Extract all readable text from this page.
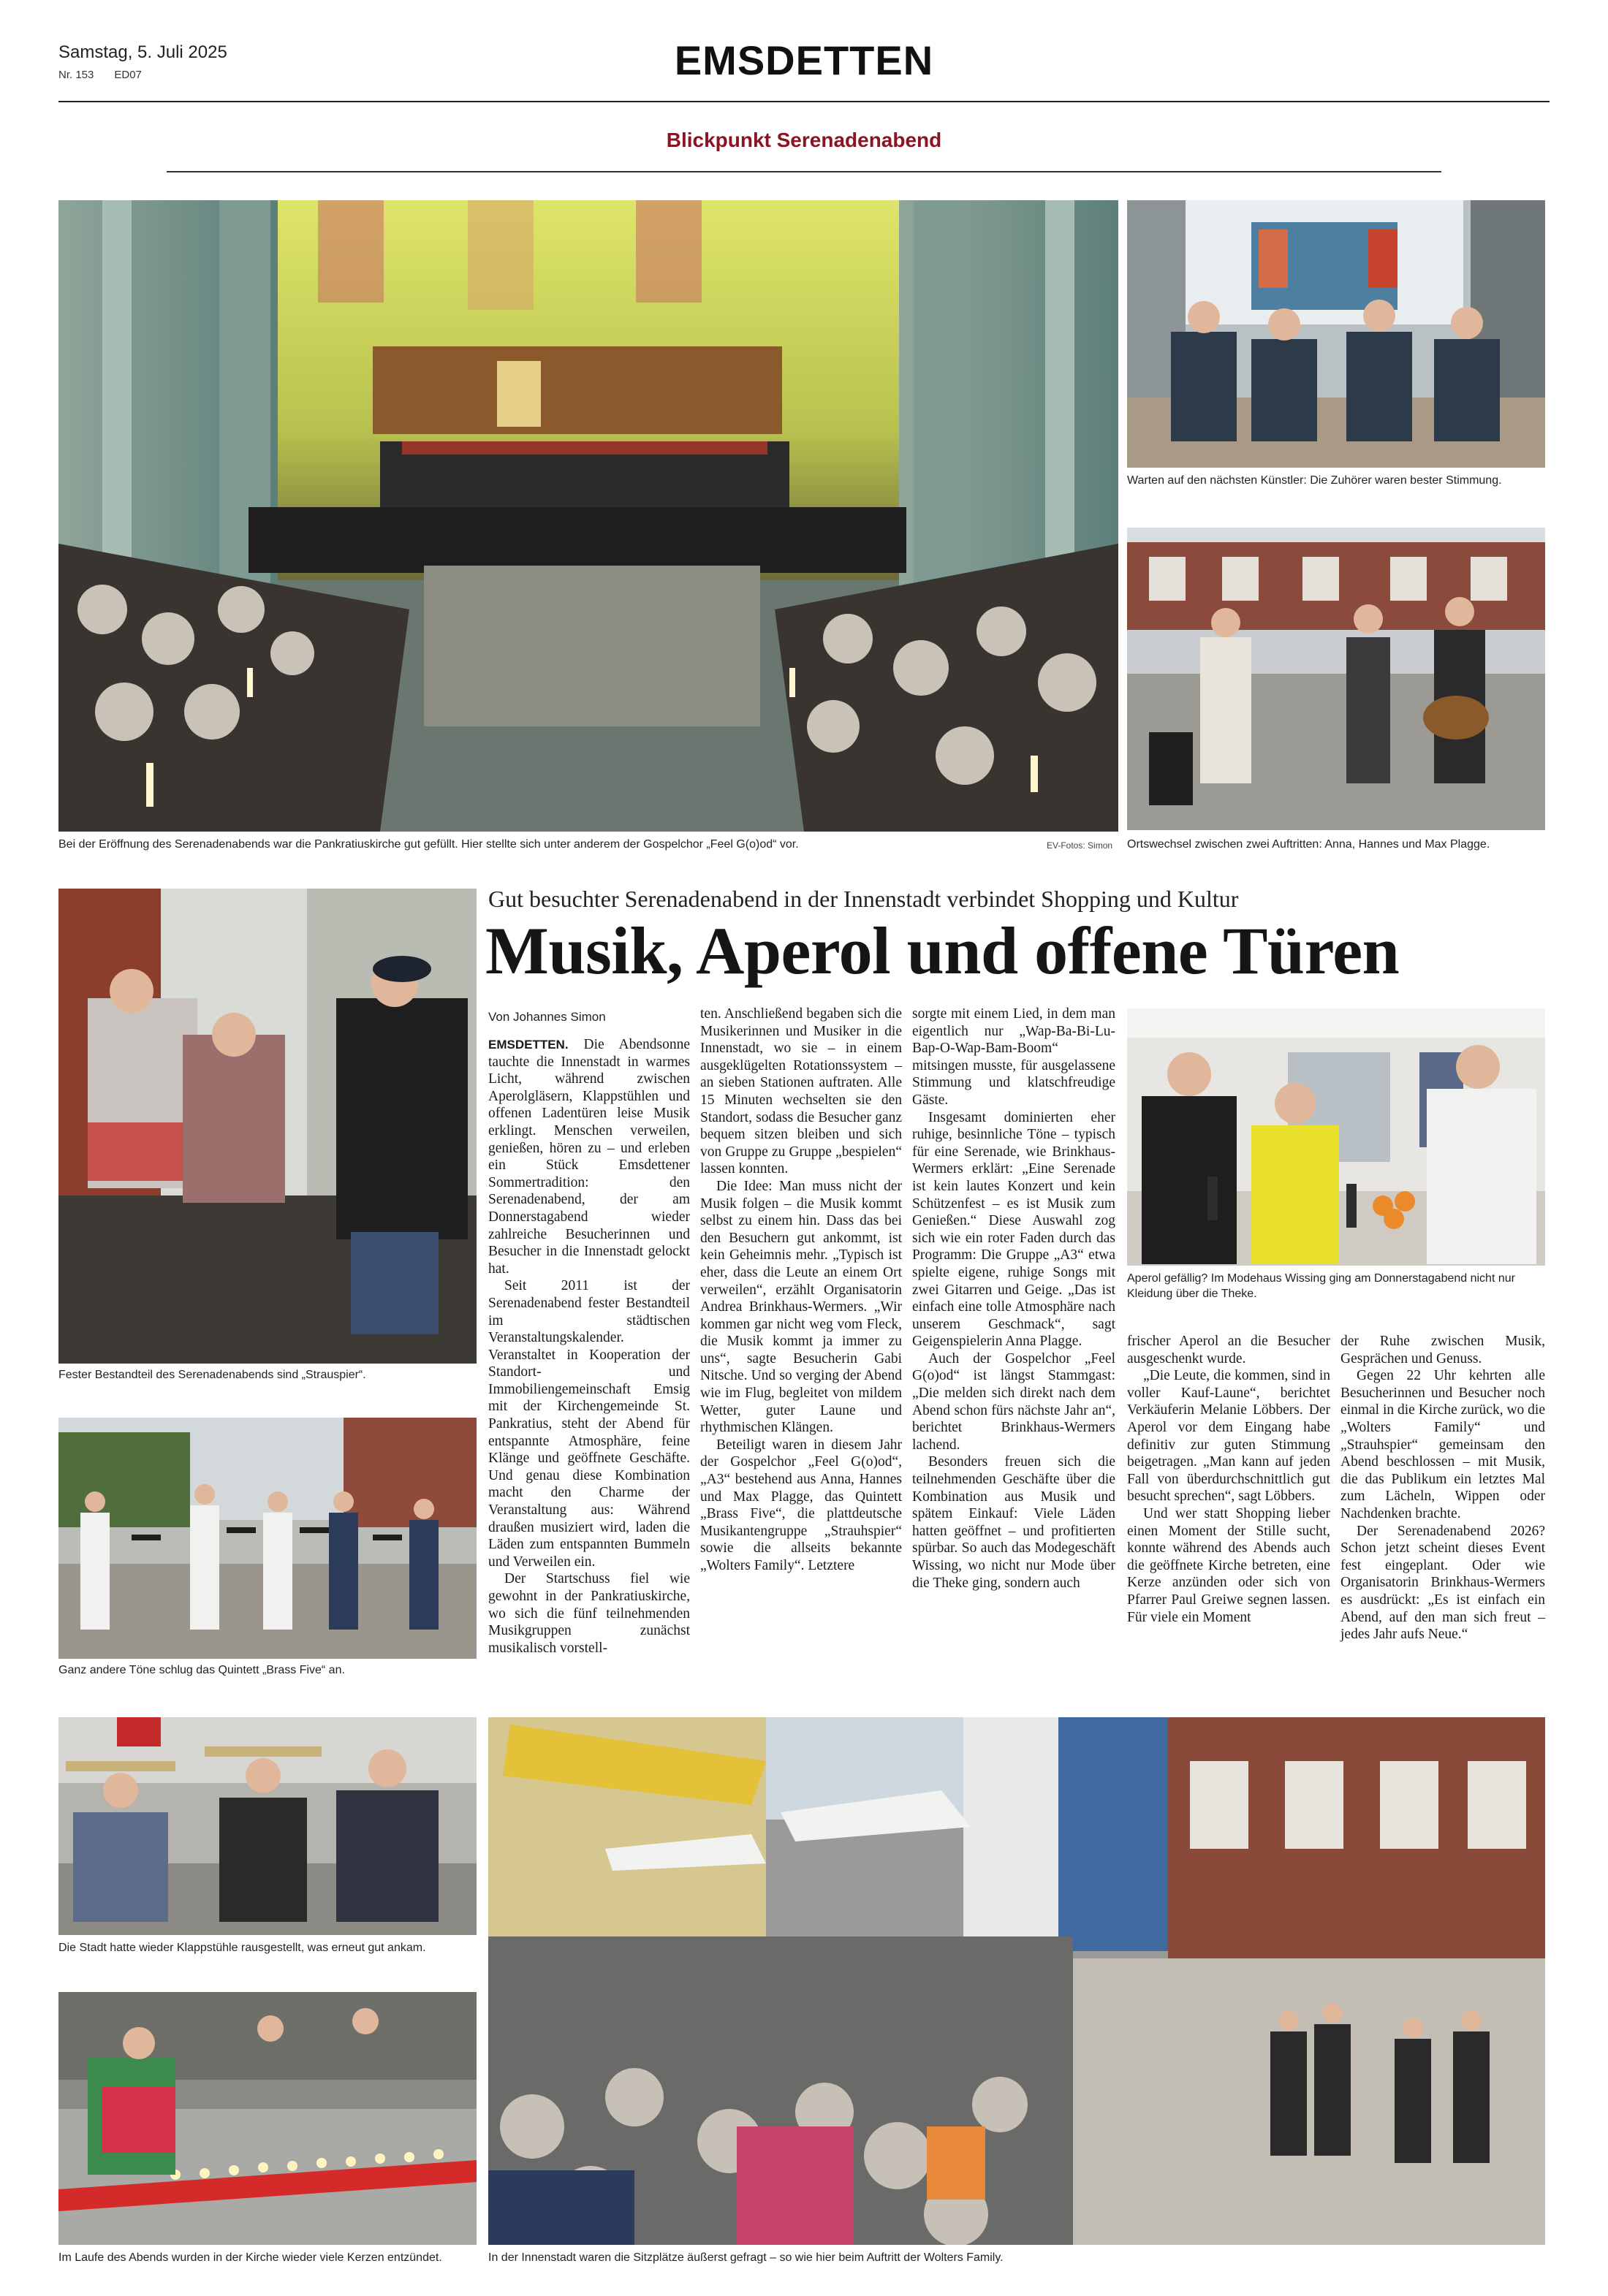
Samstag, 5. Juli 2025
Nr. 153 ED07	EMSDETTEN
Blickpunkt Serenadenabend
Bei der Eröffnung des Serenadenabends war die Pankratiuskirche gut gefüllt. Hier stellte sich unter anderem der Gospelchor „Feel G(o)od“ vor.	EV-Fotos: Simon
Warten auf den nächsten Künstler: Die Zuhörer waren bester Stimmung.
Ortswechsel zwischen zwei Auftritten: Anna, Hannes und Max Plagge.
Fester Bestandteil des Serenadenabends sind „Strauspier“.
Ganz andere Töne schlug das Quintett „Brass Five“ an.
Gut besuchter Serenadenabend in der Innenstadt verbindet Shopping und Kultur
Musik, Aperol und offene Türen
Von Johannes Simon

EMSDETTEN. Die Abendsonne tauchte die Innenstadt in warmes Licht, während zwischen Aperolgläsern, Klappstühlen und offenen Ladentüren leise Musik erklingt. Menschen verweilen, genießen, hören zu – und erleben ein Stück Emsdettener Sommertradition: den Serenadenabend, der am Donnerstagabend wieder zahlreiche Besucherinnen und Besucher in die Innenstadt gelockt hat.

Seit 2011 ist der Serenadenabend fester Bestandteil im städtischen Veranstaltungskalender. Veranstaltet in Kooperation der Standort- und Immobiliengemeinschaft Emsig mit der Kirchengemeinde St. Pankratius, steht der Abend für entspannte Atmosphäre, feine Klänge und geöffnete Geschäfte. Und genau diese Kombination macht den Charme der Veranstaltung aus: Während draußen musiziert wird, laden die Läden zum entspannten Bummeln und Verweilen ein.

Der Startschuss fiel wie gewohnt in der Pankratiuskirche, wo sich die fünf teilnehmenden Musikgruppen zunächst musikalisch vorstell-

ten. Anschließend begaben sich die Musikerinnen und Musiker in die Innenstadt, wo sie – in einem ausgeklügelten Rotationssystem – an sieben Stationen auftraten. Alle 15 Minuten wechselten sie den Standort, sodass die Besucher ganz bequem sitzen bleiben und sich von Gruppe zu Gruppe „bespielen“ lassen konnten.

Die Idee: Man muss nicht der Musik folgen – die Musik kommt selbst zu einem hin. Dass das bei den Besuchern gut ankommt, ist kein Geheimnis mehr. „Typisch ist eher, dass die Leute an einem Ort verweilen“, erzählt Organisatorin Andrea Brinkhaus-Wermers. „Wir kommen gar nicht weg vom Fleck, die Musik kommt ja immer zu uns“, sagte Besucherin Gabi Nitsche. Und so verging der Abend wie im Flug, begleitet von mildem Wetter, guter Laune und rhythmischen Klängen.

Beteiligt waren in diesem Jahr der Gospelchor „Feel G(o)od“, „A3“ bestehend aus Anna, Hannes und Max Plagge, das Quintett „Brass Five“, die plattdeutsche Musikantengruppe „Strauhspier“ sowie die allseits bekannte „Wolters Family“. Letztere

sorgte mit einem Lied, in dem man eigentlich nur „Wap-Ba-Bi-Lu-Bap-O-Wap-Bam-Boom“ mitsingen musste, für ausgelassene Stimmung und klatschfreudige Gäste.

Insgesamt dominierten eher ruhige, besinnliche Töne – typisch für eine Serenade, wie Brinkhaus-Wermers erklärt: „Eine Serenade ist kein lautes Konzert und kein Schützenfest – es ist Musik zum Genießen.“ Diese Auswahl zog sich wie ein roter Faden durch das Programm: Die Gruppe „A3“ etwa spielte eigene, ruhige Songs mit zwei Gitarren und Geige. „Das ist einfach eine tolle Atmosphäre nach unserem Geschmack“, sagt Geigenspielerin Anna Plagge.

Auch der Gospelchor „Feel G(o)od“ ist längst Stammgast: „Die melden sich direkt nach dem Abend schon fürs nächste Jahr an“, berichtet Brinkhaus-Wermers lachend.

Besonders freuen sich die teilnehmenden Geschäfte über die Kombination aus Musik und spätem Einkauf: Viele Läden hatten geöffnet – und profitierten spürbar. So auch das Modegeschäft Wissing, wo nicht nur Mode über die Theke ging, sondern auch

Aperol gefällig? Im Modehaus Wissing ging am Donnerstagabend nicht nur Kleidung über die Theke.

frischer Aperol an die Besucher ausgeschenkt wurde.

„Die Leute, die kommen, sind in voller Kauf-Laune“, berichtet Verkäuferin Melanie Löbbers. Der Aperol vor dem Eingang habe definitiv zur guten Stimmung beigetragen. „Man kann auf jeden Fall von überdurchschnittlich gut besucht sprechen“, sagt Löbbers.

Und wer statt Shopping lieber einen Moment der Stille sucht, konnte während des Abends auch die geöffnete Kirche betreten, eine Kerze anzünden oder sich von Pfarrer Paul Greiwe segnen lassen. Für viele ein Moment

der Ruhe zwischen Musik, Gesprächen und Genuss.

Gegen 22 Uhr kehrten alle Besucherinnen und Besucher noch einmal in die Kirche zurück, wo die „Wolters Family“ und „Strauhspier“ gemeinsam den Abend beschlossen – mit Musik, die das Publikum ein letztes Mal zum Lächeln, Wippen oder Nachdenken brachte.

Der Serenadenabend 2026? Schon jetzt scheint dieses Event fest eingeplant. Oder wie Organisatorin Brinkhaus-Wermers es ausdrückt: „Es ist einfach ein Abend, auf den man sich freut – jedes Jahr aufs Neue.“

Die Stadt hatte wieder Klappstühle rausgestellt, was erneut gut ankam.
Im Laufe des Abends wurden in der Kirche wieder viele Kerzen entzündet.	In der Innenstadt waren die Sitzplätze äußerst gefragt – so wie hier beim Auftritt der Wolters Family.
